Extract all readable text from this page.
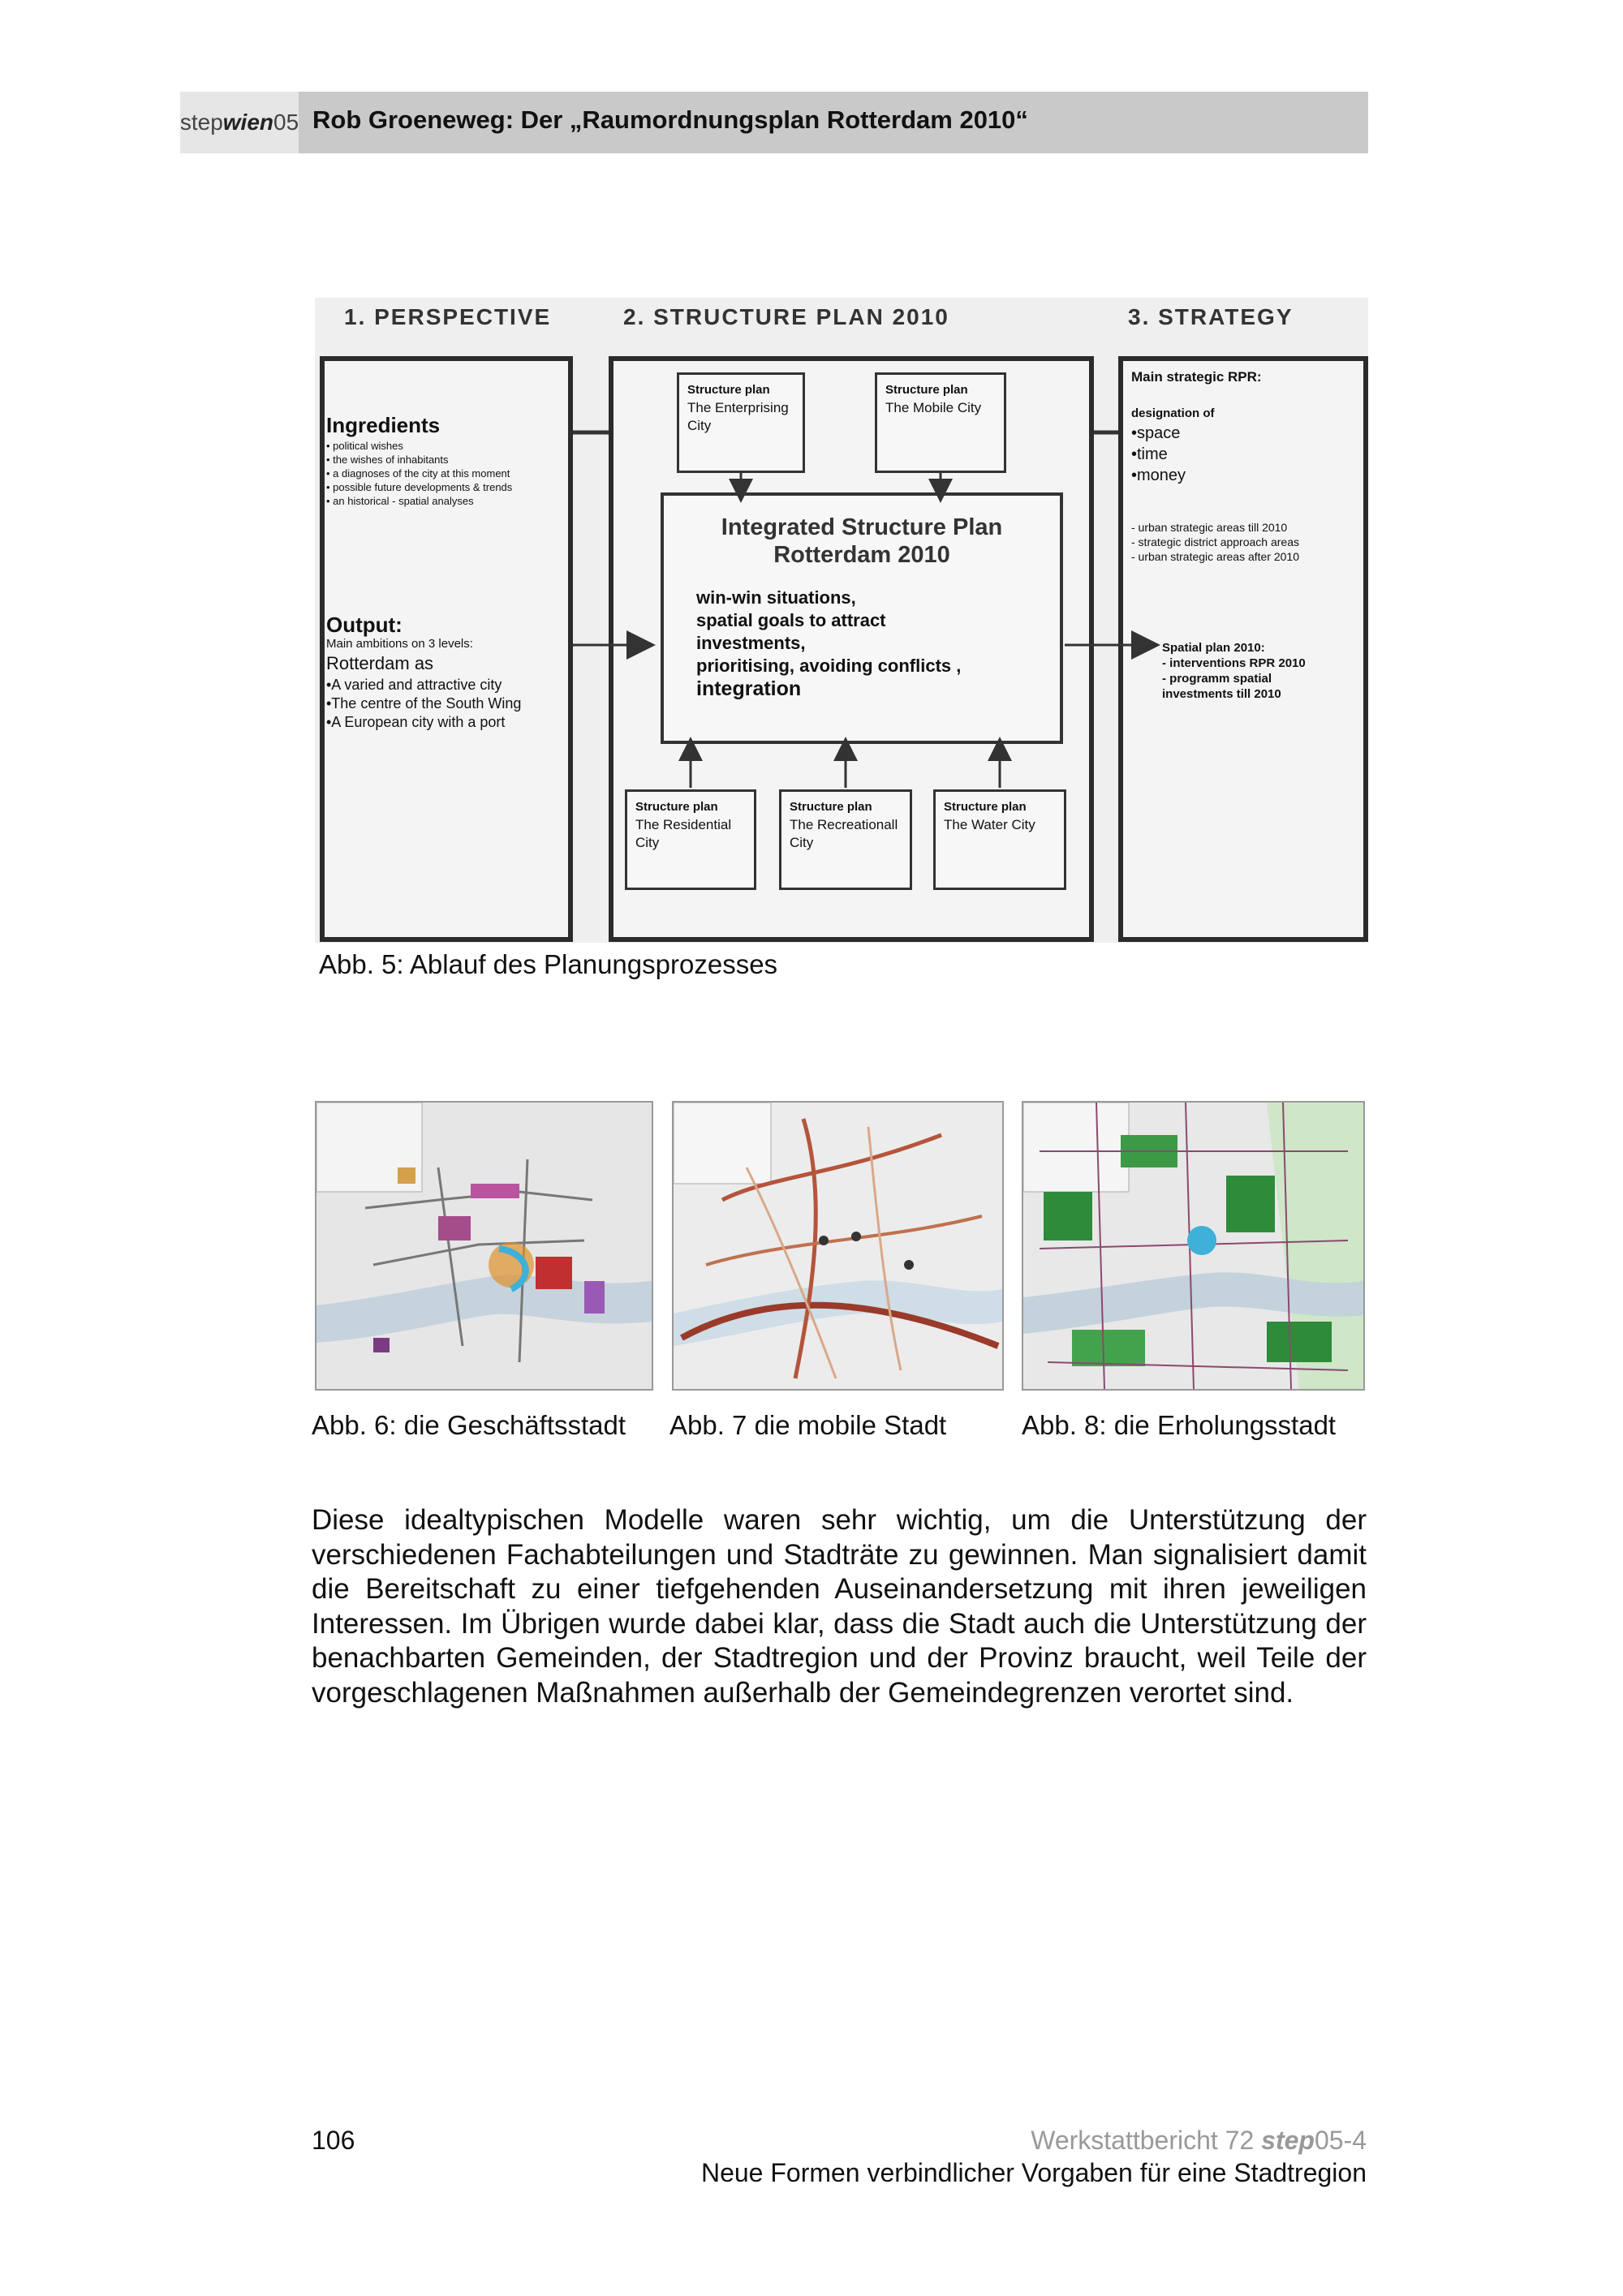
stepwien05 Rob Groeneweg: Der „Raumordnungsplan Rotterdam 2010“
1. PERSPECTIVE	2. STRUCTURE PLAN 2010	3. STRATEGY
Ingredients
• political wishes
• the wishes of inhabitants
• a diagnoses of the city at this moment
• possible future developments & trends
• an historical - spatial analyses
Output:
Main ambitions on 3 levels:
Rotterdam as
•A varied and attractive city
•The centre of the South Wing
•A European city with a port
Structure plan
The Enterprising City
Structure plan
The Mobile City
Integrated Structure Plan
Rotterdam 2010
win-win situations,
spatial goals to attract
investments,
prioritising, avoiding conflicts ,
integration
Structure plan
The Residential City
Structure plan
The Recreationall City
Structure plan
The Water City
Main strategic RPR:
designation of
•space
•time
•money
- urban strategic areas till 2010
- strategic district approach areas
- urban strategic areas after 2010
Spatial plan 2010:
- interventions RPR 2010
- programm spatial
investments till 2010
Abb. 5: Ablauf des Planungsprozesses
Abb. 6: die Geschäftsstadt Abb. 7 die mobile Stadt	Abb. 8: die Erholungsstadt

Diese idealtypischen Modelle waren sehr wichtig, um die Unterstützung der verschiedenen Fachabteilungen und Stadträte zu gewinnen. Man signalisiert damit die Bereitschaft zu einer tiefgehenden Auseinandersetzung mit ihren jeweiligen Interessen. Im Übrigen wurde dabei klar, dass die Stadt auch die Unterstützung der benachbarten Gemeinden, der Stadtregion und der Provinz braucht, weil Teile der vorgeschlagenen Maßnahmen außerhalb der Gemeindegrenzen verortet sind.

106	Werkstattbericht 72 step05-4
Neue Formen verbindlicher Vorgaben für eine Stadtregion
